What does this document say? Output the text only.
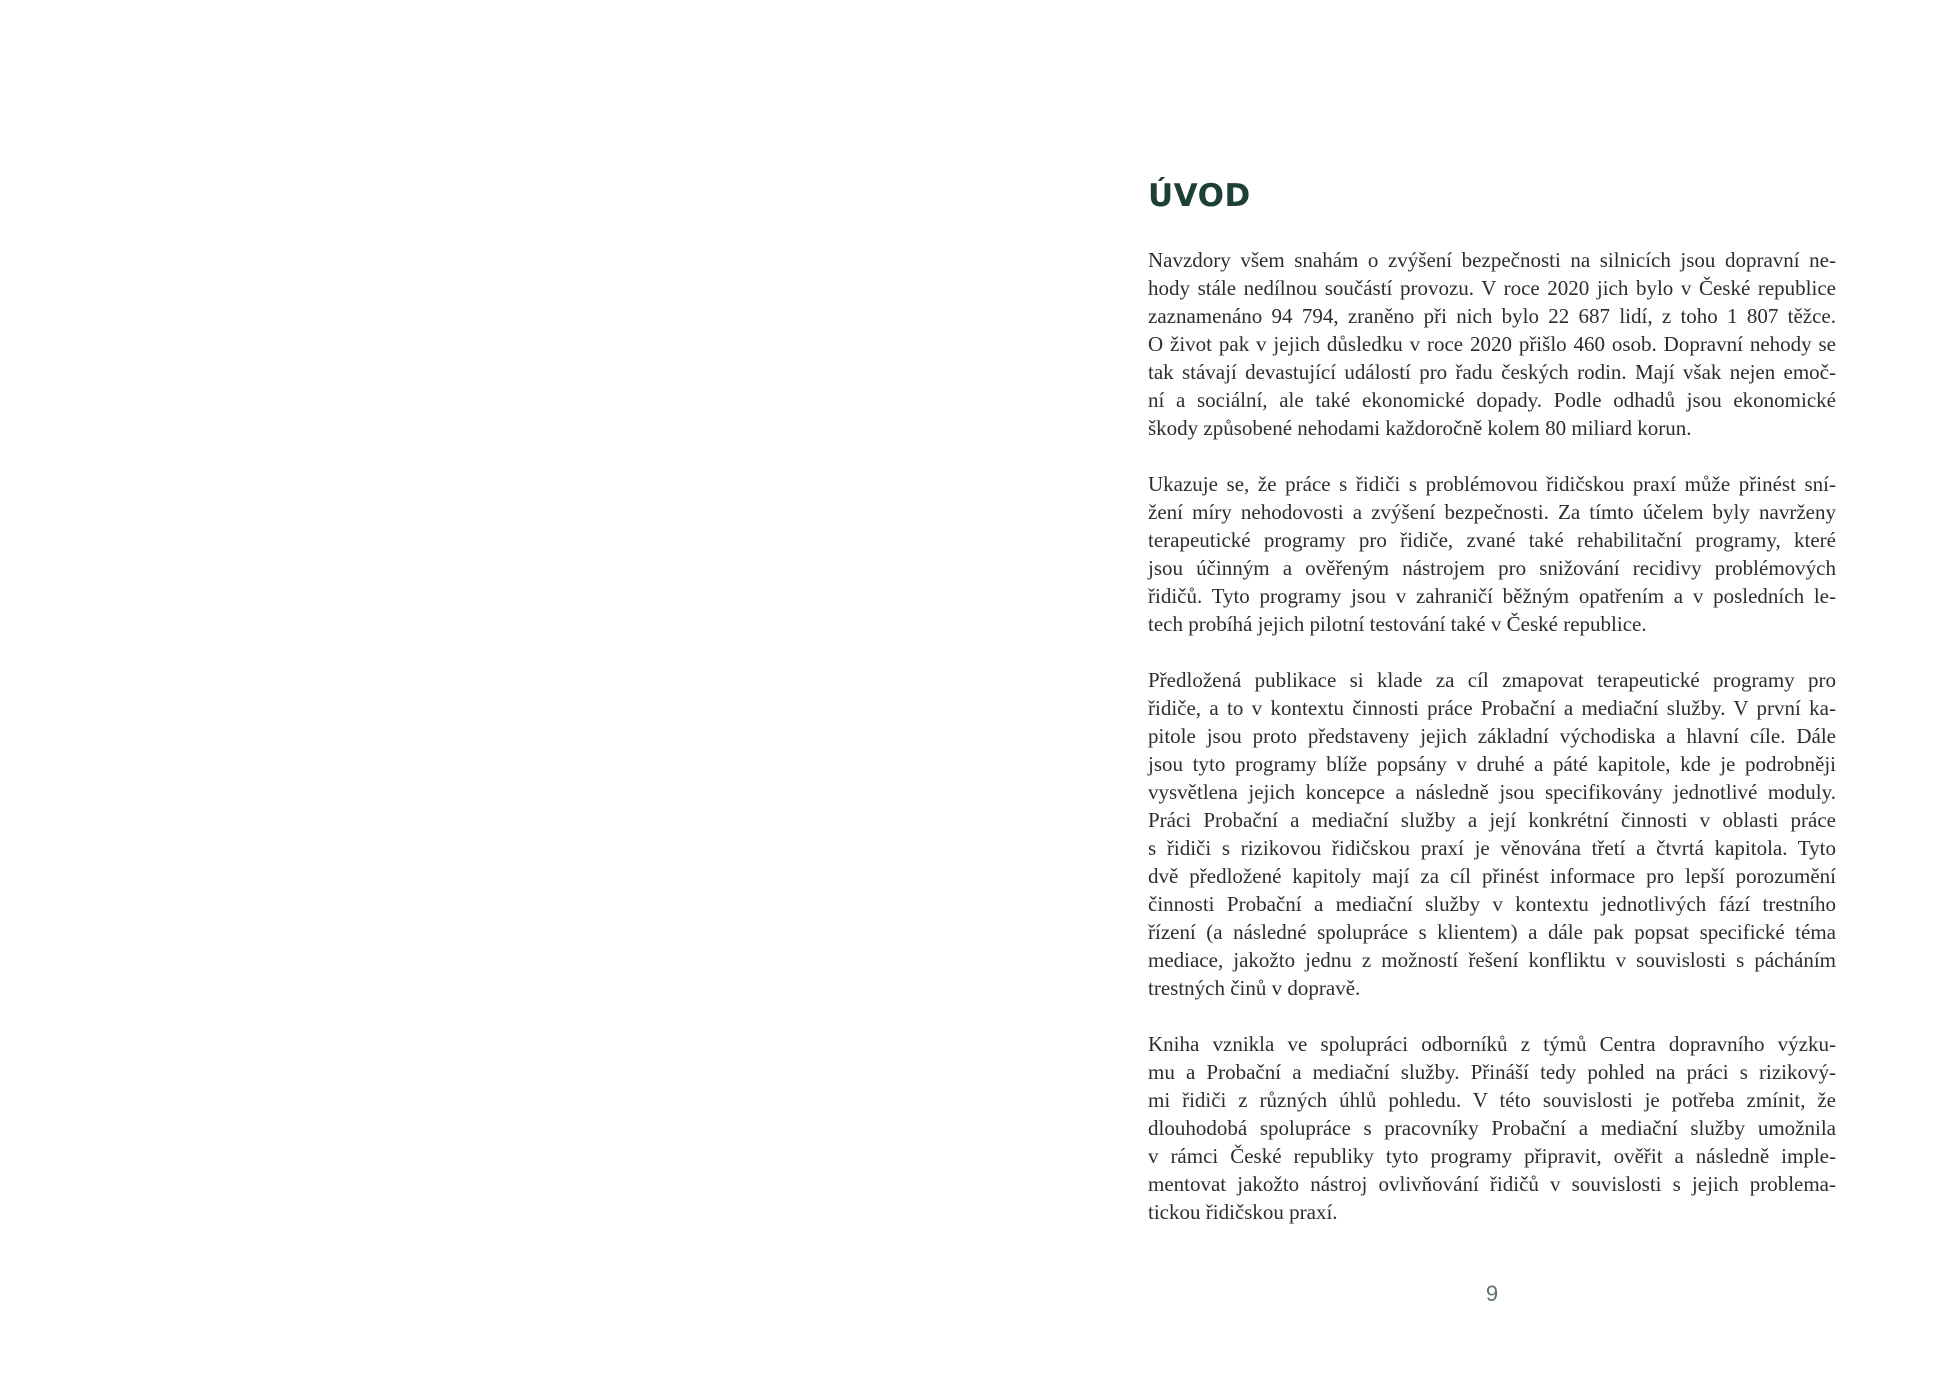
ÚVOD
Navzdory všem snahám o zvýšení bezpečnosti na silnicích jsou dopravní ne-
hody stále nedílnou součástí provozu. V roce 2020 jich bylo v České republice
zaznamenáno 94 794, zraněno při nich bylo 22 687 lidí, z toho 1 807 těžce.
O život pak v jejich důsledku v roce 2020 přišlo 460 osob. Dopravní nehody se
tak stávají devastující událostí pro řadu českých rodin. Mají však nejen emoč-
ní a sociální, ale také ekonomické dopady. Podle odhadů jsou ekonomické
škody způsobené nehodami každoročně kolem 80 miliard korun.
Ukazuje se, že práce s řidiči s problémovou řidičskou praxí může přinést sní-
žení míry nehodovosti a zvýšení bezpečnosti. Za tímto účelem byly navrženy
terapeutické programy pro řidiče, zvané také rehabilitační programy, které
jsou účinným a ověřeným nástrojem pro snižování recidivy problémových
řidičů. Tyto programy jsou v zahraničí běžným opatřením a v posledních le-
tech probíhá jejich pilotní testování také v České republice.
Předložená publikace si klade za cíl zmapovat terapeutické programy pro
řidiče, a to v kontextu činnosti práce Probační a mediační služby. V první ka-
pitole jsou proto představeny jejich základní východiska a hlavní cíle. Dále
jsou tyto programy blíže popsány v druhé a páté kapitole, kde je podrobněji
vysvětlena jejich koncepce a následně jsou specifikovány jednotlivé moduly.
Práci Probační a mediační služby a její konkrétní činnosti v oblasti práce
s řidiči s rizikovou řidičskou praxí je věnována třetí a čtvrtá kapitola. Tyto
dvě předložené kapitoly mají za cíl přinést informace pro lepší porozumění
činnosti Probační a mediační služby v kontextu jednotlivých fází trestního
řízení (a následné spolupráce s klientem) a dále pak popsat specifické téma
mediace, jakožto jednu z možností řešení konfliktu v souvislosti s pácháním
trestných činů v dopravě.
Kniha vznikla ve spolupráci odborníků z týmů Centra dopravního výzku-
mu a Probační a mediační služby. Přináší tedy pohled na práci s rizikový-
mi řidiči z různých úhlů pohledu. V této souvislosti je potřeba zmínit, že
dlouhodobá spolupráce s pracovníky Probační a mediační služby umožnila
v rámci České republiky tyto programy připravit, ověřit a následně imple-
mentovat jakožto nástroj ovlivňování řidičů v souvislosti s jejich problema-
tickou řidičskou praxí.
9
